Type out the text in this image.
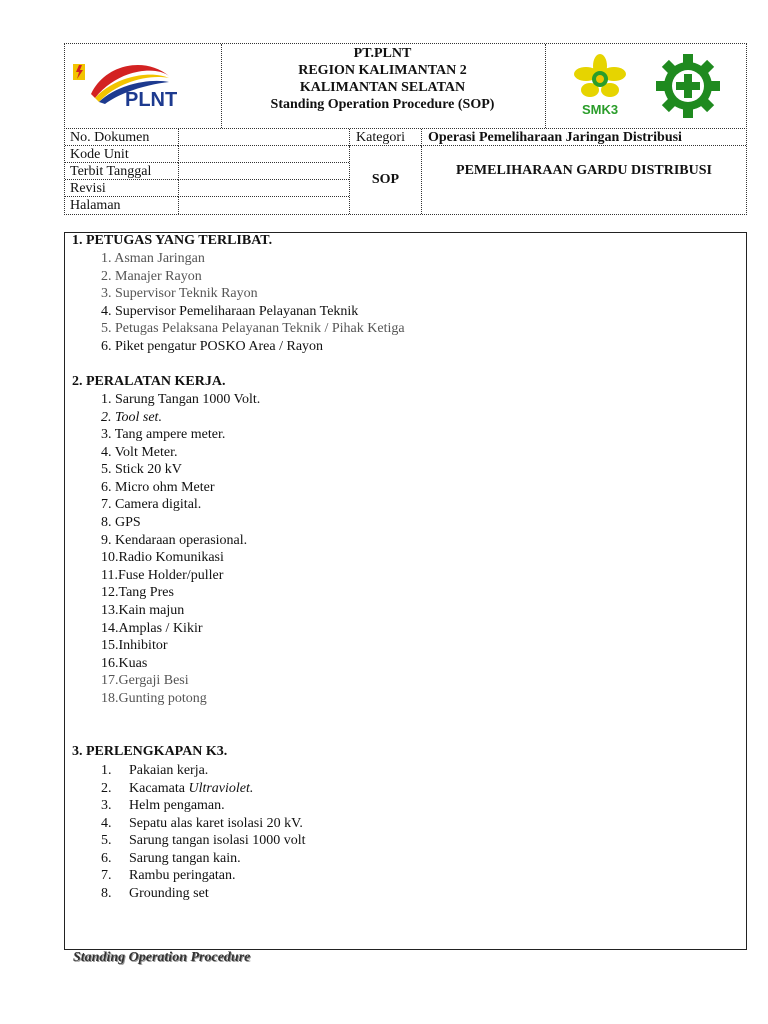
PLNT
PT.PLNT
REGION KALIMANTAN 2
KALIMANTAN SELATAN
Standing Operation Procedure (SOP)	SMK3
No. Dokumen
Kode Unit
Terbit Tanggal
Revisi
Halaman
Kategori
SOP
Operasi Pemeliharaan Jaringan Distribusi
PEMELIHARAAN GARDU DISTRIBUSI
1. PETUGAS YANG TERLIBAT.
1. Asman Jaringan
2. Manajer Rayon
3. Supervisor Teknik Rayon
4. Supervisor Pemeliharaan Pelayanan Teknik
5. Petugas Pelaksana Pelayanan Teknik / Pihak Ketiga
6. Piket pengatur POSKO Area / Rayon
2. PERALATAN KERJA.
1. Sarung Tangan 1000 Volt.
2. Tool set.
3. Tang ampere meter.
4. Volt Meter.
5. Stick 20 kV
6. Micro ohm Meter
7. Camera digital.
8. GPS
9. Kendaraan operasional.
10.Radio Komunikasi
11.Fuse Holder/puller
12.Tang Pres
13.Kain majun
14.Amplas / Kikir
15.Inhibitor
16.Kuas
17.Gergaji Besi
18.Gunting potong
3. PERLENGKAPAN K3.
1. Pakaian kerja.
2. Kacamata Ultraviolet.
3. Helm pengaman.
4. Sepatu alas karet isolasi 20 kV.
5. Sarung tangan isolasi 1000 volt
6. Sarung tangan kain.
7. Rambu peringatan.
8. Grounding set
Standing Operation Procedure
